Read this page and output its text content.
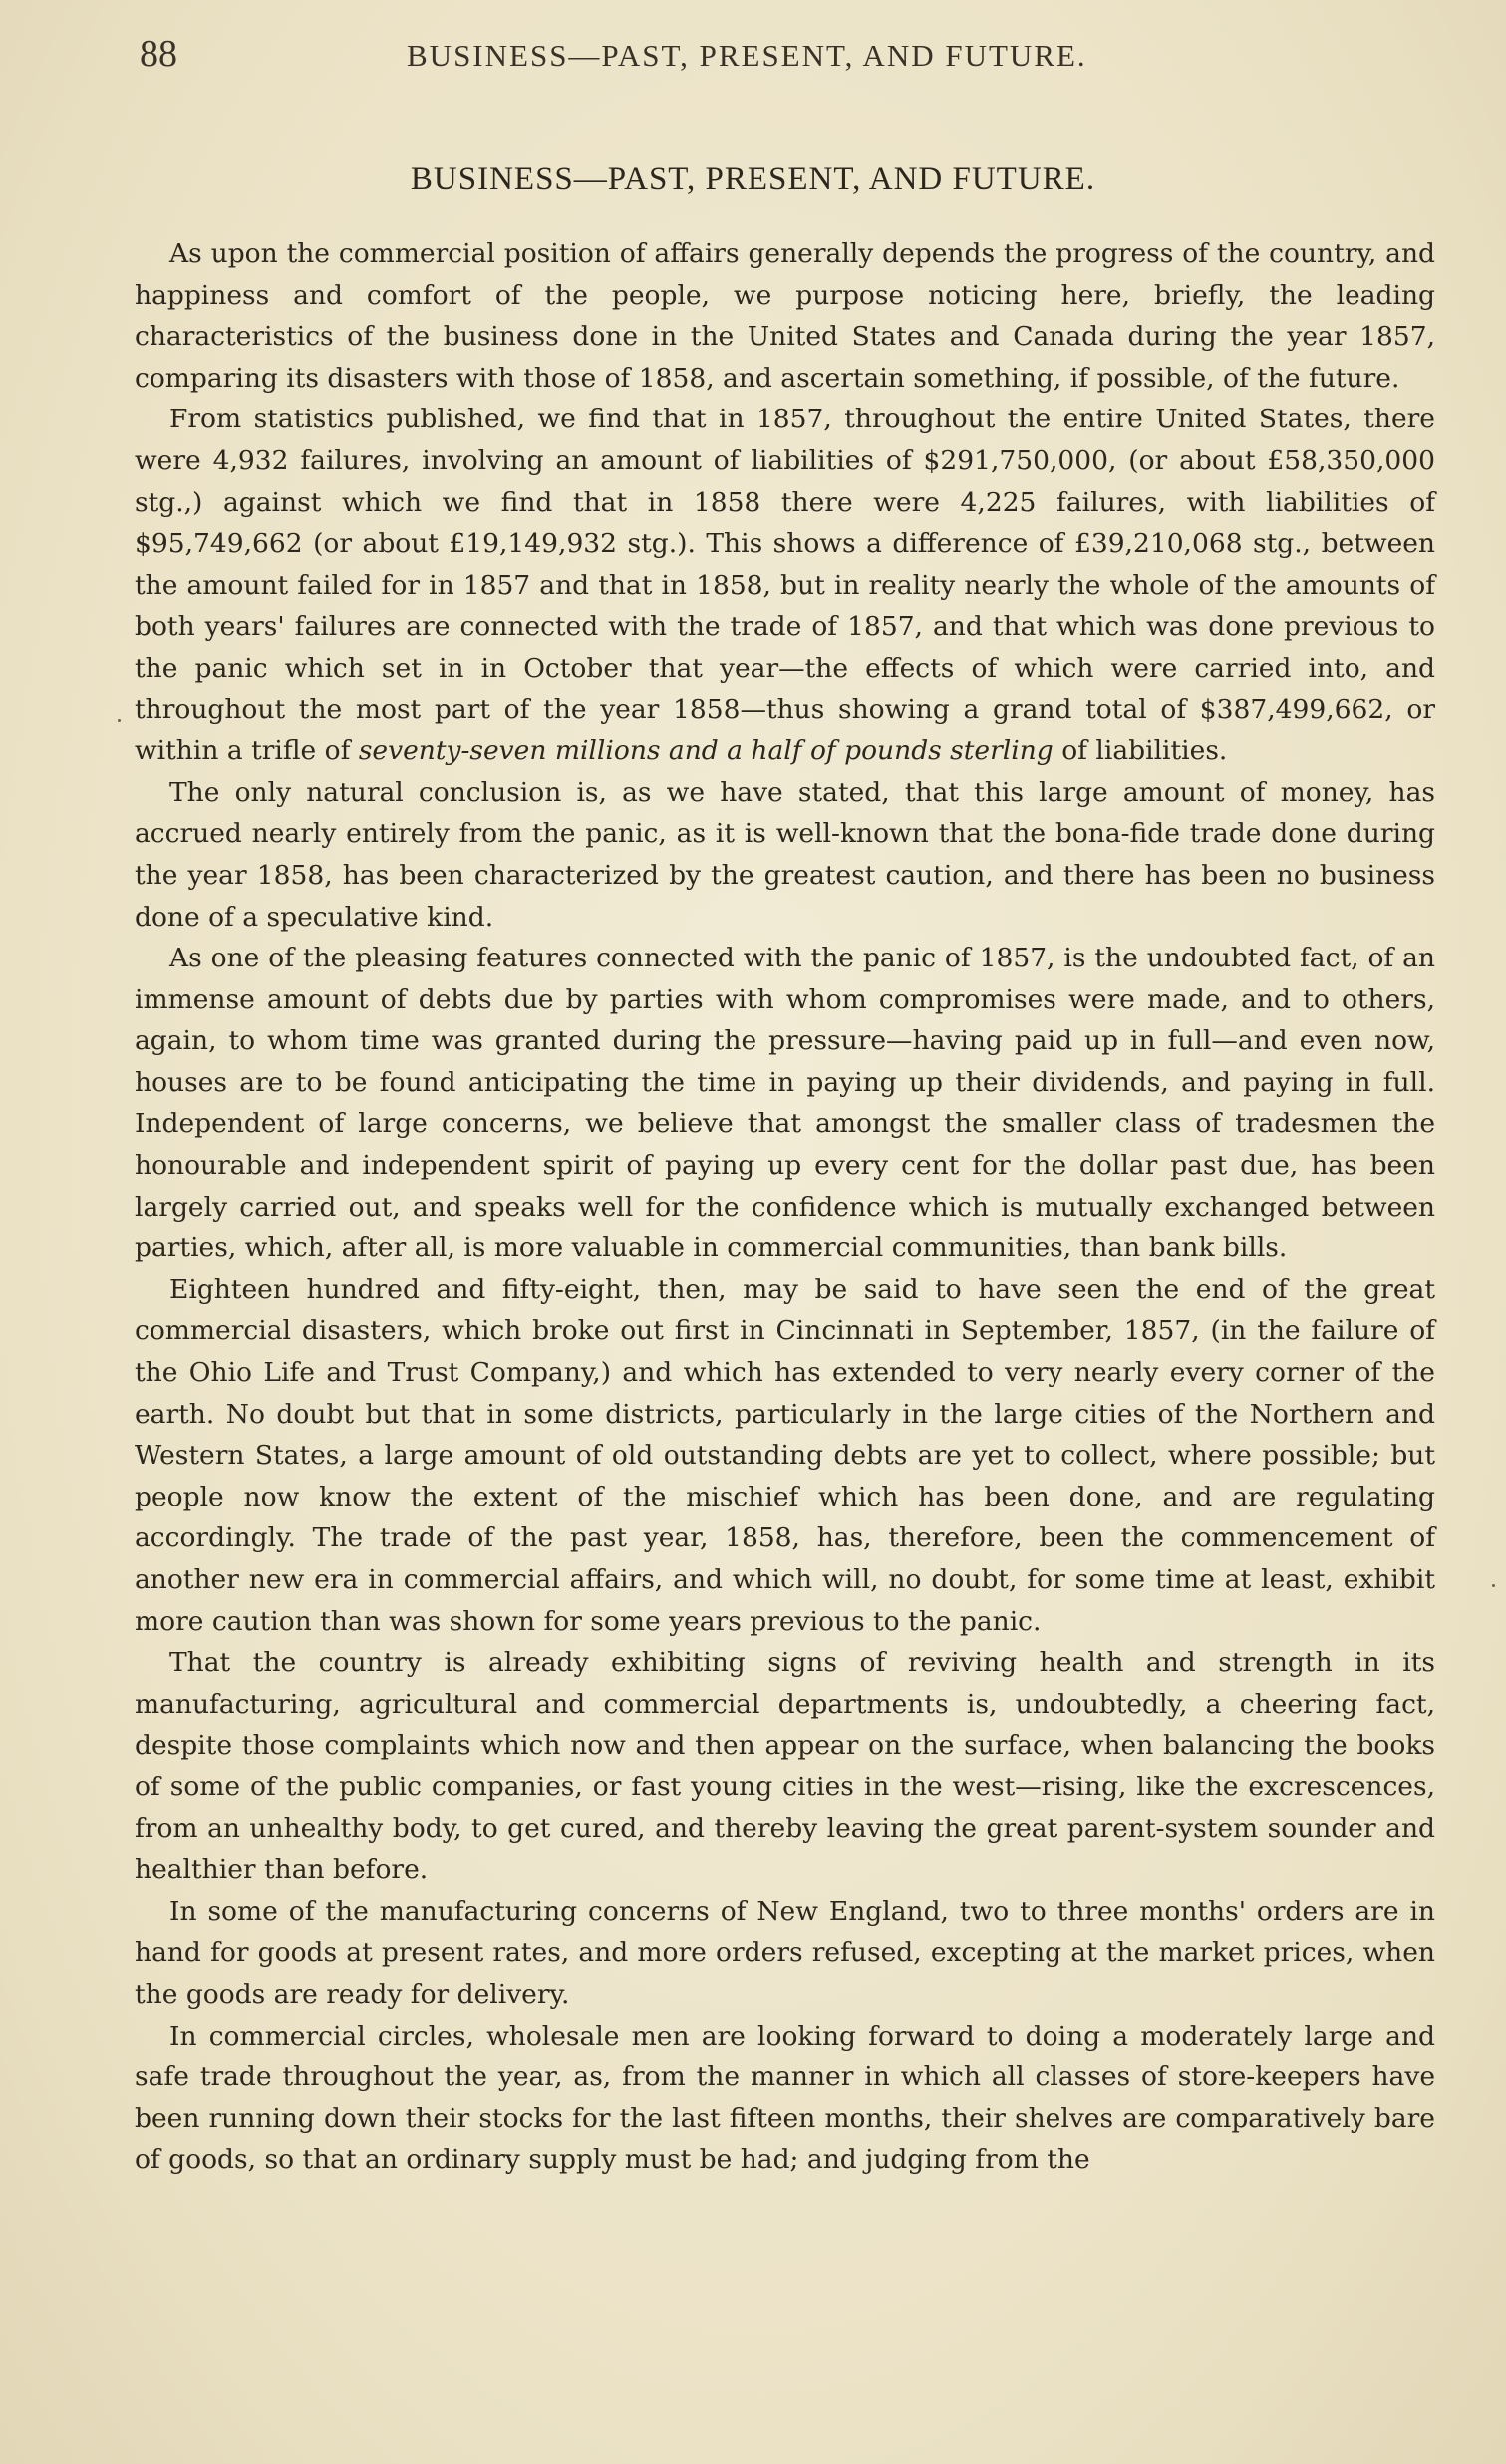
88	BUSINESS—PAST, PRESENT, AND FUTURE.
BUSINESS—PAST, PRESENT, AND FUTURE.

As upon the commercial position of affairs generally depends the progress of the country, and happiness and comfort of the people, we purpose noticing here, briefly, the leading characteristics of the business done in the United States and Canada during the year 1857, comparing its disasters with those of 1858, and ascertain something, if possible, of the future.

From statistics published, we find that in 1857, throughout the entire United States, there were 4,932 failures, involving an amount of liabilities of $291,750,000, (or about £58,350,000 stg.,) against which we find that in 1858 there were 4,225 failures, with liabilities of $95,749,662 (or about £19,149,932 stg.). This shows a difference of £39,210,068 stg., between the amount failed for in 1857 and that in 1858, but in reality nearly the whole of the amounts of both years' failures are connected with the trade of 1857, and that which was done previous to the panic which set in in October that year—the effects of which were carried into, and throughout the most part of the year 1858—thus showing a grand total of $387,499,662, or within a trifle of seventy-seven millions and a half of pounds sterling of liabilities.

The only natural conclusion is, as we have stated, that this large amount of money, has accrued nearly entirely from the panic, as it is well-known that the bona-fide trade done during the year 1858, has been characterized by the greatest caution, and there has been no business done of a speculative kind.

As one of the pleasing features connected with the panic of 1857, is the undoubted fact, of an immense amount of debts due by parties with whom compromises were made, and to others, again, to whom time was granted during the pressure—having paid up in full—and even now, houses are to be found anticipating the time in paying up their dividends, and paying in full. Independent of large concerns, we believe that amongst the smaller class of tradesmen the honourable and independent spirit of paying up every cent for the dollar past due, has been largely carried out, and speaks well for the confidence which is mutually exchanged between parties, which, after all, is more valuable in commercial communities, than bank bills.

Eighteen hundred and fifty-eight, then, may be said to have seen the end of the great commercial disasters, which broke out first in Cincinnati in September, 1857, (in the failure of the Ohio Life and Trust Company,) and which has extended to very nearly every corner of the earth. No doubt but that in some districts, particularly in the large cities of the Northern and Western States, a large amount of old outstanding debts are yet to collect, where possible; but people now know the extent of the mischief which has been done, and are regulating accordingly. The trade of the past year, 1858, has, therefore, been the commencement of another new era in commercial affairs, and which will, no doubt, for some time at least, exhibit more caution than was shown for some years previous to the panic.

That the country is already exhibiting signs of reviving health and strength in its manufacturing, agricultural and commercial departments is, undoubtedly, a cheering fact, despite those complaints which now and then appear on the surface, when balancing the books of some of the public companies, or fast young cities in the west—rising, like the excrescences, from an unhealthy body, to get cured, and thereby leaving the great parent-system sounder and healthier than before.

In some of the manufacturing concerns of New England, two to three months' orders are in hand for goods at present rates, and more orders refused, excepting at the market prices, when the goods are ready for delivery.

In commercial circles, wholesale men are looking forward to doing a moderately large and safe trade throughout the year, as, from the manner in which all classes of store-keepers have been running down their stocks for the last fifteen months, their shelves are comparatively bare of goods, so that an ordinary supply must be had; and judging from the
